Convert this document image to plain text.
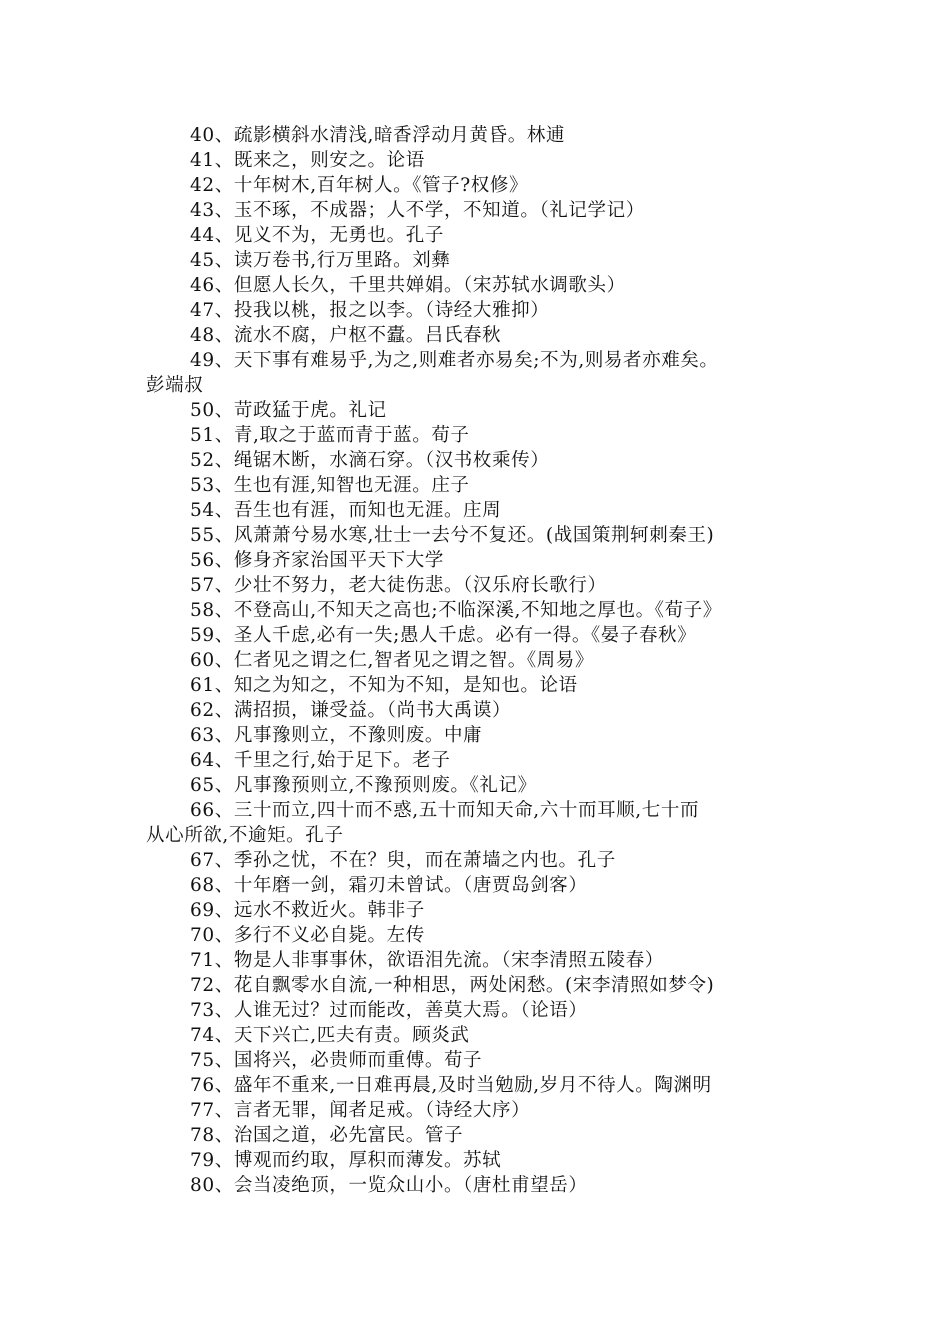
40、疏影横斜水清浅,暗香浮动月黄昏。林逋
41、既来之，则安之。论语
42、十年树木,百年树人。《管子?权修》
43、玉不琢，不成器；人不学，不知道。（礼记学记）
44、见义不为，无勇也。孔子
45、读万卷书,行万里路。刘彝
46、但愿人长久，千里共婵娟。（宋苏轼水调歌头）
47、投我以桃，报之以李。（诗经大雅抑）
48、流水不腐，户枢不蠹。吕氏春秋
49、天下事有难易乎,为之,则难者亦易矣;不为,则易者亦难矣。
彭端叔
50、苛政猛于虎。礼记
51、青,取之于蓝而青于蓝。荀子
52、绳锯木断，水滴石穿。（汉书枚乘传）
53、生也有涯,知智也无涯。庄子
54、吾生也有涯，而知也无涯。庄周
55、风萧萧兮易水寒,壮士一去兮不复还。(战国策荆轲刺秦王)
56、修身齐家治国平天下大学
57、少壮不努力，老大徒伤悲。（汉乐府长歌行）
58、不登高山,不知天之高也;不临深溪,不知地之厚也。《荀子》
59、圣人千虑,必有一失;愚人千虑。必有一得。《晏子春秋》
60、仁者见之谓之仁,智者见之谓之智。《周易》
61、知之为知之，不知为不知，是知也。论语
62、满招损，谦受益。（尚书大禹谟）
63、凡事豫则立，不豫则废。中庸
64、千里之行,始于足下。老子
65、凡事豫预则立,不豫预则废。《礼记》
66、三十而立,四十而不惑,五十而知天命,六十而耳顺,七十而
从心所欲,不逾矩。孔子
67、季孙之忧，不在？臾，而在萧墙之内也。孔子
68、十年磨一剑，霜刃未曾试。（唐贾岛剑客）
69、远水不救近火。韩非子
70、多行不义必自毙。左传
71、物是人非事事休，欲语泪先流。（宋李清照五陵春）
72、花自飘零水自流,一种相思，两处闲愁。(宋李清照如梦令)
73、人谁无过？过而能改，善莫大焉。（论语）
74、天下兴亡,匹夫有责。顾炎武
75、国将兴，必贵师而重傅。荀子
76、盛年不重来,一日难再晨,及时当勉励,岁月不待人。陶渊明
77、言者无罪，闻者足戒。（诗经大序）
78、治国之道，必先富民。管子
79、博观而约取，厚积而薄发。苏轼
80、会当凌绝顶，一览众山小。（唐杜甫望岳）
